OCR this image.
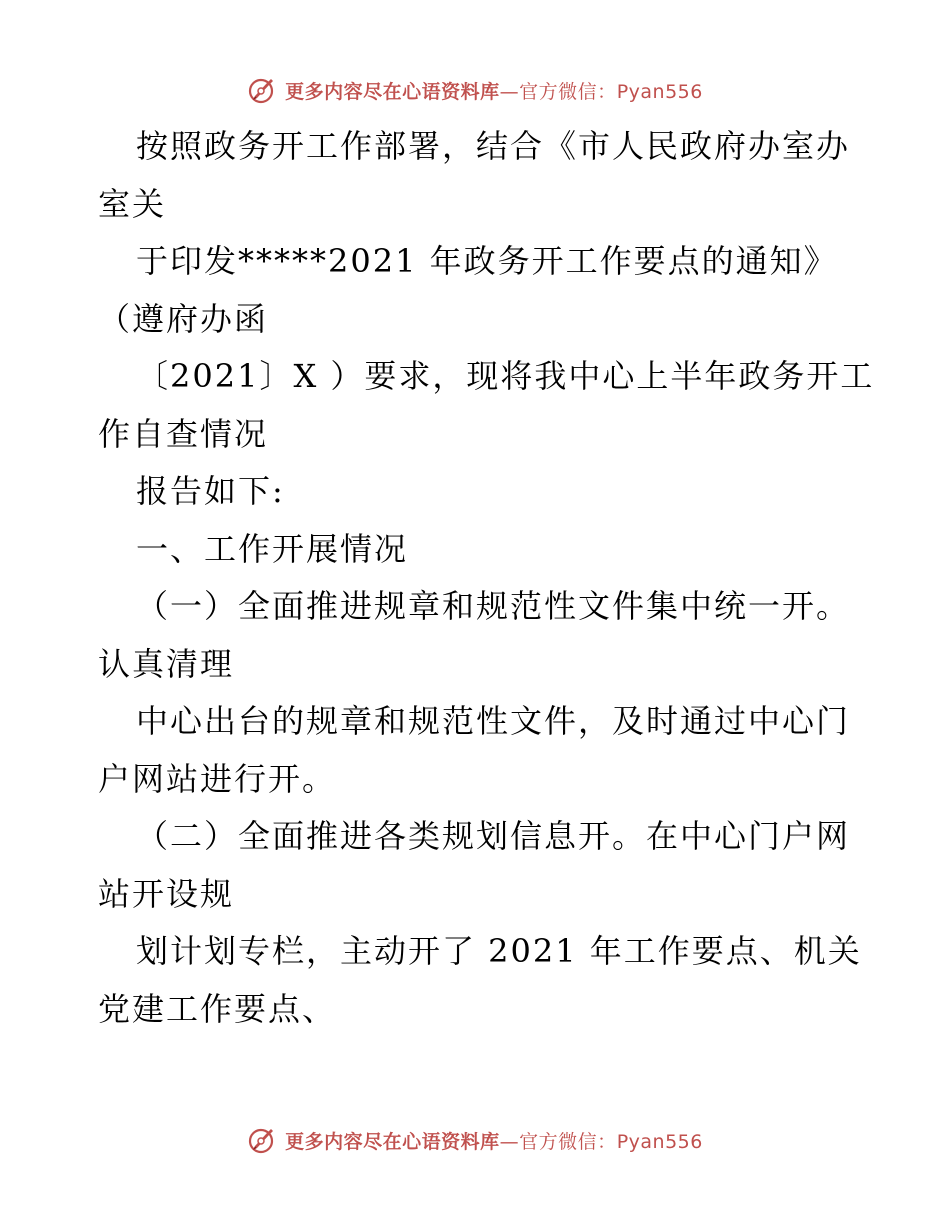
更多内容尽在心语资料库—官方微信：Pyan556
按照政务开工作部署，结合《市人民政府办室办
室关
于印发*****2021 年政务开工作要点的通知》
（遵府办函
〔2021〕X ）要求，现将我中心上半年政务开工
作自查情况
报告如下:
一、工作开展情况
（一）全面推进规章和规范性文件集中统一开。
认真清理
中心出台的规章和规范性文件，及时通过中心门
户网站进行开。
（二）全面推进各类规划信息开。在中心门户网
站开设规
划计划专栏，主动开了 2021 年工作要点、机关
党建工作要点、
更多内容尽在心语资料库—官方微信：Pyan556
